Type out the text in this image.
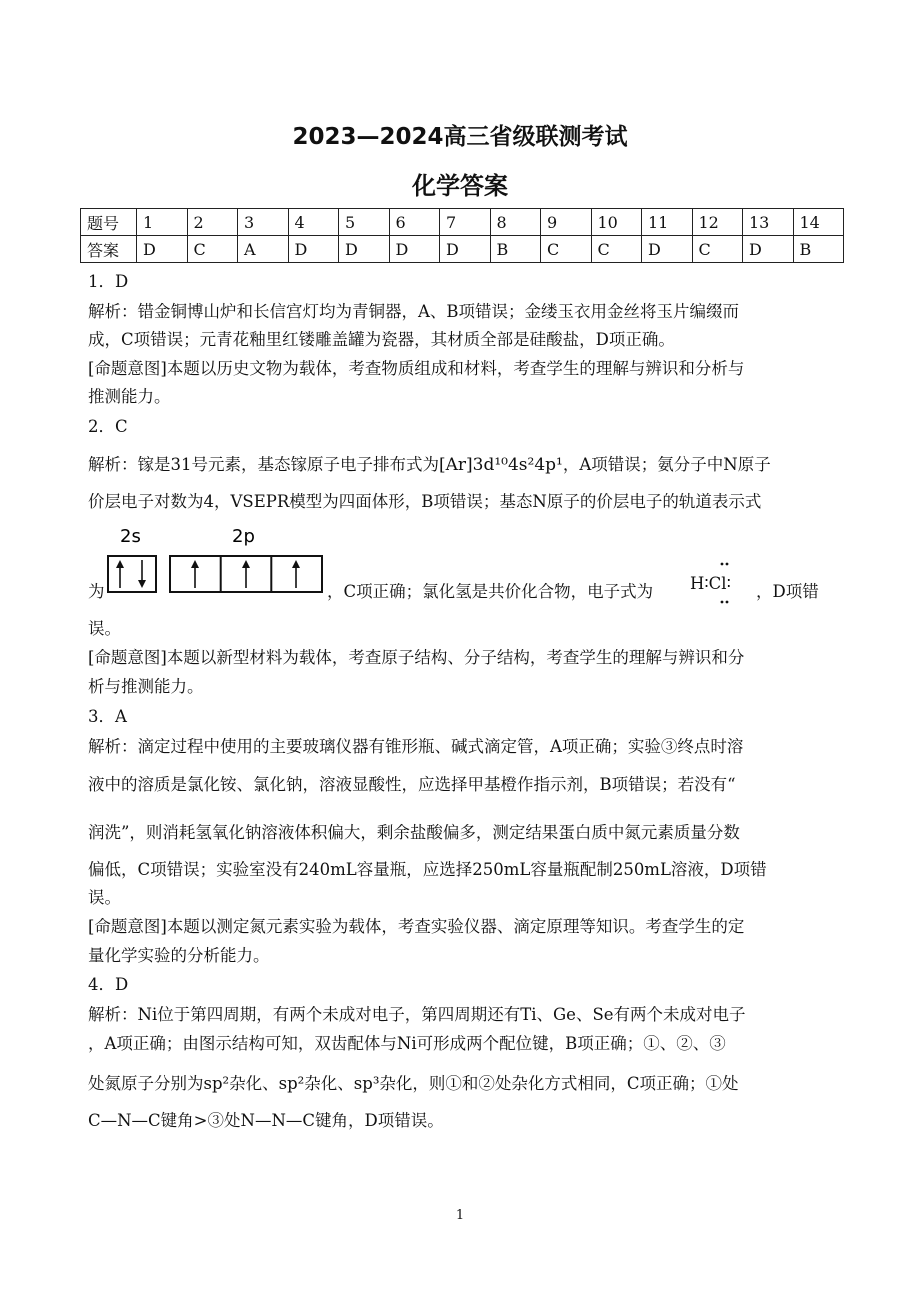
2023—2024高三省级联测考试
化学答案
题号	1	2	3	4	5	6	7	8	9	10	11	12	13	14
答案	D	C	A	D	D	D	D	B	C	C	D	C	D	B
1．D
解析：错金铜博山炉和长信宫灯均为青铜器，A、B项错误；金缕玉衣用金丝将玉片编缀而
成，C项错误；元青花釉里红镂雕盖罐为瓷器，其材质全部是硅酸盐，D项正确。
[命题意图]本题以历史文物为载体，考查物质组成和材料，考查学生的理解与辨识和分析与
推测能力。
2．C
解析：镓是31号元素，基态镓原子电子排布式为[Ar]3d¹⁰4s²4p¹，A项错误；氨分子中N原子
价层电子对数为4，VSEPR模型为四面体形，B项错误；基态N原子的价层电子的轨道表示式
2s	2p
为	，C项正确；氯化氢是共价化合物，电子式为 H∶Cl∶ ，D项错
误。
[命题意图]本题以新型材料为载体，考查原子结构、分子结构，考查学生的理解与辨识和分
析与推测能力。
3．A
解析：滴定过程中使用的主要玻璃仪器有锥形瓶、碱式滴定管，A项正确；实验③终点时溶
液中的溶质是氯化铵、氯化钠，溶液显酸性，应选择甲基橙作指示剂，B项错误；若没有“
润洗”，则消耗氢氧化钠溶液体积偏大，剩余盐酸偏多，测定结果蛋白质中氮元素质量分数
偏低，C项错误；实验室没有240mL容量瓶，应选择250mL容量瓶配制250mL溶液，D项错
误。
[命题意图]本题以测定氮元素实验为载体，考查实验仪器、滴定原理等知识。考查学生的定
量化学实验的分析能力。
4．D
解析：Ni位于第四周期，有两个未成对电子，第四周期还有Ti、Ge、Se有两个未成对电子
，A项正确；由图示结构可知，双齿配体与Ni可形成两个配位键，B项正确；①、②、③
处氮原子分别为sp²杂化、sp²杂化、sp³杂化，则①和②处杂化方式相同，C项正确；①处
C—N—C键角>③处N—N—C键角，D项错误。
1
